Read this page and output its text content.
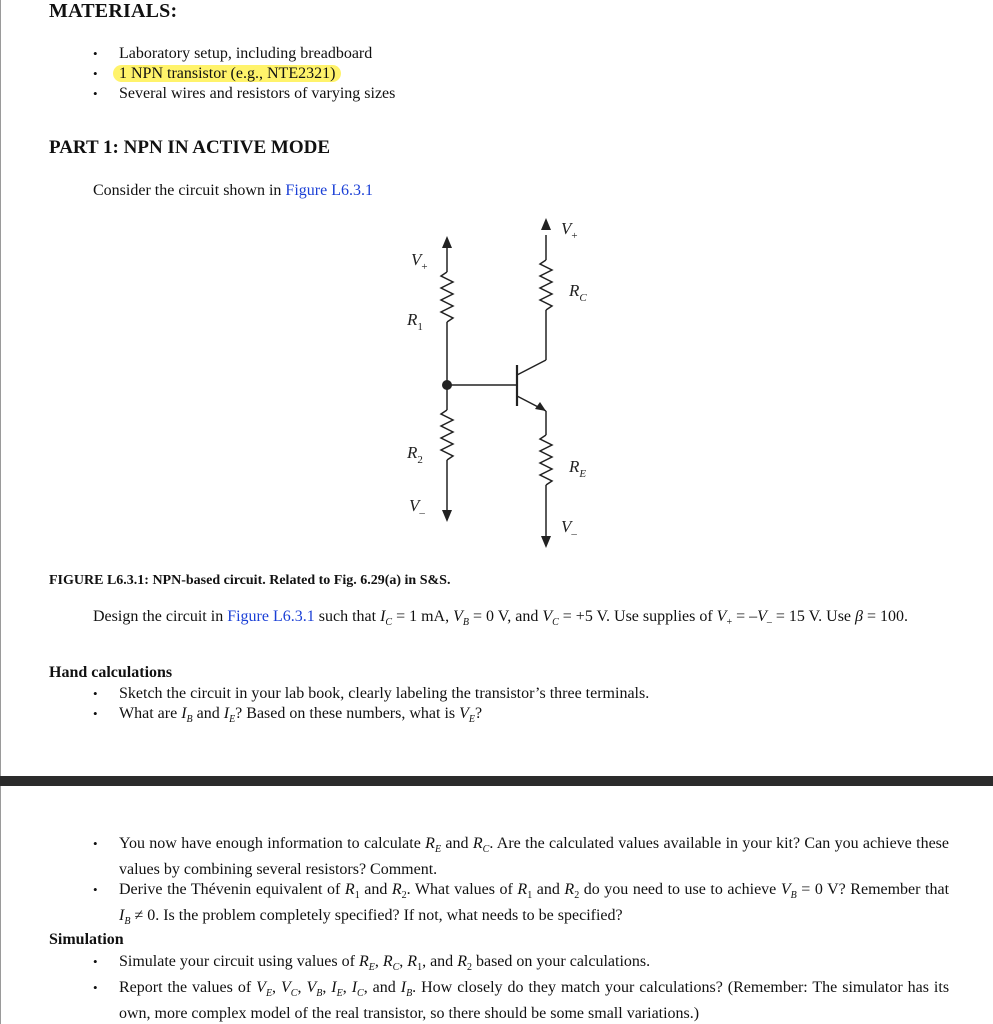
MATERIALS:
• Laboratory setup, including breadboard
• 1 NPN transistor (e.g., NTE2321)
• Several wires and resistors of varying sizes
PART 1: NPN IN ACTIVE MODE
Consider the circuit shown in Figure L6.3.1
$V_+$
$R_1$
$R_2$
$V_-$
$V_+$
$R_C$
$R_E$
$V_-$
FIGURE L6.3.1: NPN-based circuit. Related to Fig. 6.29(a) in S&S.
Design the circuit in Figure L6.3.1 such that $I_C = 1$ mA, $V_B = 0$ V, and $V_C = +5$ V. Use supplies of $V_+ = -V_- = 15$ V. Use β = 100.
Hand calculations
• Sketch the circuit in your lab book, clearly labeling the transistor’s three terminals.
• What are $I_B$ and $I_E$? Based on these numbers, what is $V_E$?
• You now have enough information to calculate $R_E$ and $R_C$. Are the calculated values available in your kit? Can you achieve these values by combining several resistors? Comment.
• Derive the Thévenin equivalent of $R_1$ and $R_2$. What values of $R_1$ and $R_2$ do you need to use to achieve $V_B = 0$ V? Remember that $I_B \ne 0$. Is the problem completely specified? If not, what needs to be specified?
Simulation
• Simulate your circuit using values of $R_E$, $R_C$, $R_1$, and $R_2$ based on your calculations.
• Report the values of $V_E$, $V_C$, $V_B$, $I_E$, $I_C$, and $I_B$. How closely do they match your calculations? (Remember: The simulator has its own, more complex model of the real transistor, so there should be some small variations.)
